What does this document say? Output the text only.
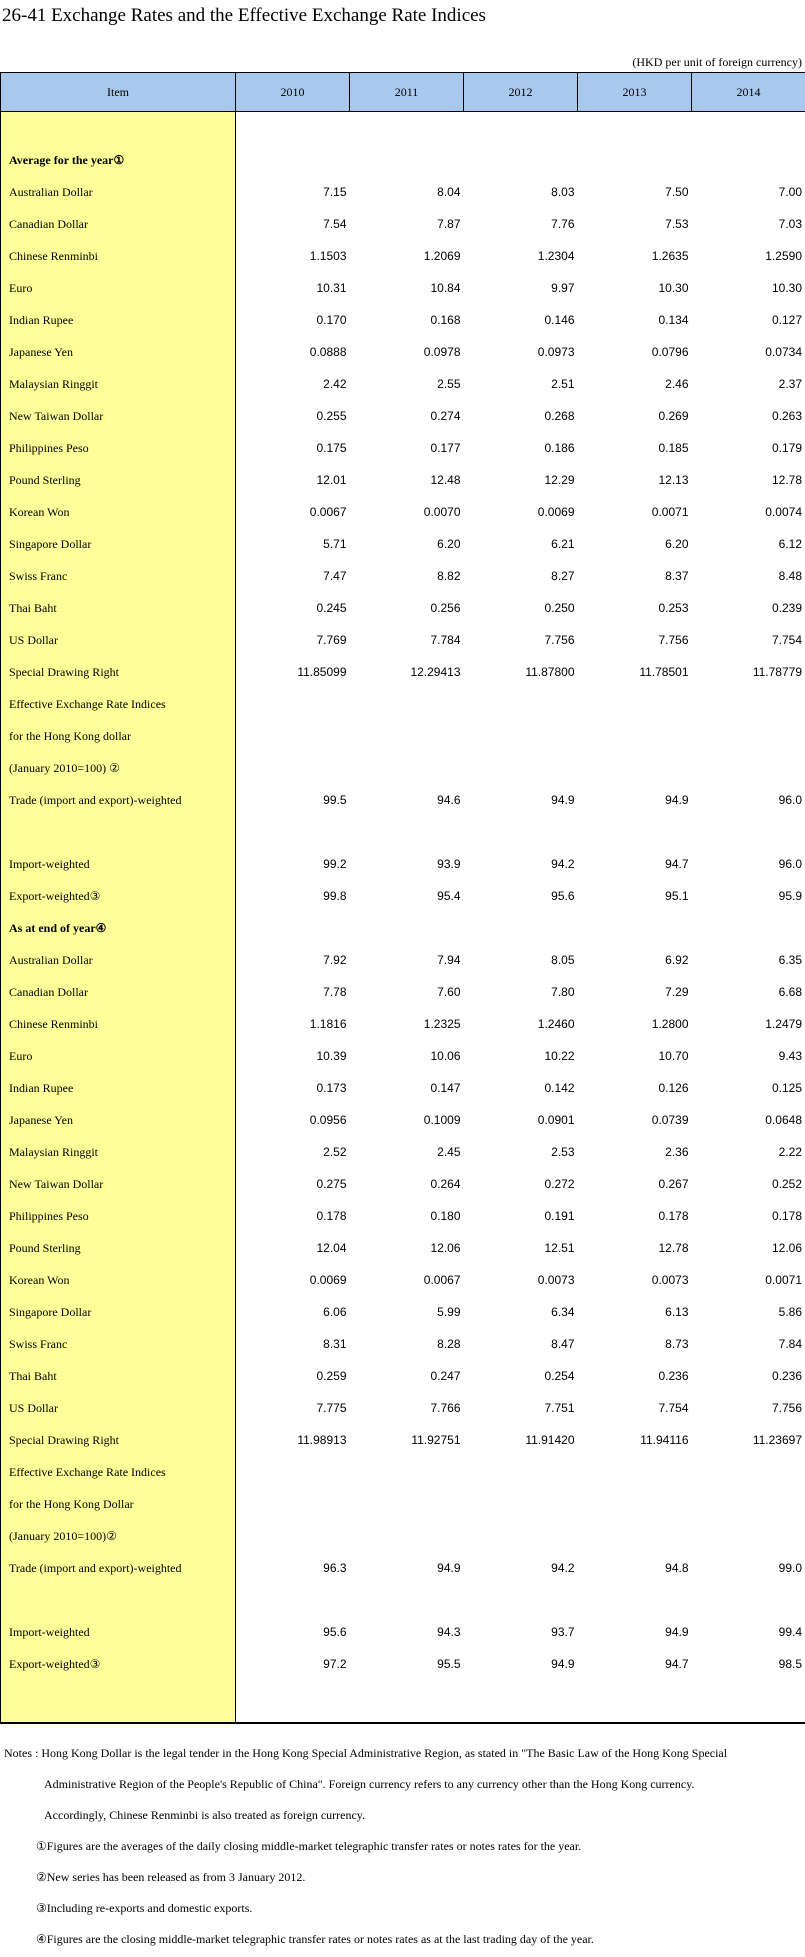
26-41 Exchange Rates and the Effective Exchange Rate Indices
(HKD per unit of foreign currency)
Item	2010	2011	2012	2013	2014

Average for the year①					
Australian Dollar	7.15	8.04	8.03	7.50	7.00
Canadian Dollar	7.54	7.87	7.76	7.53	7.03
Chinese Renminbi	1.1503	1.2069	1.2304	1.2635	1.2590
Euro	10.31	10.84	9.97	10.30	10.30
Indian Rupee	0.170	0.168	0.146	0.134	0.127
Japanese Yen	0.0888	0.0978	0.0973	0.0796	0.0734
Malaysian Ringgit	2.42	2.55	2.51	2.46	2.37
New Taiwan Dollar	0.255	0.274	0.268	0.269	0.263
Philippines Peso	0.175	0.177	0.186	0.185	0.179
Pound Sterling	12.01	12.48	12.29	12.13	12.78
Korean Won	0.0067	0.0070	0.0069	0.0071	0.0074
Singapore Dollar	5.71	6.20	6.21	6.20	6.12
Swiss Franc	7.47	8.82	8.27	8.37	8.48
Thai Baht	0.245	0.256	0.250	0.253	0.239
US Dollar	7.769	7.784	7.756	7.756	7.754
Special Drawing Right	11.85099	12.29413	11.87800	11.78501	11.78779
Effective Exchange Rate Indices					
for the Hong Kong dollar					
(January 2010=100) ②					
Trade (import and export)-weighted	99.5	94.6	94.9	94.9	96.0

Import-weighted	99.2	93.9	94.2	94.7	96.0
Export-weighted③	99.8	95.4	95.6	95.1	95.9
As at end of year④					
Australian Dollar	7.92	7.94	8.05	6.92	6.35
Canadian Dollar	7.78	7.60	7.80	7.29	6.68
Chinese Renminbi	1.1816	1.2325	1.2460	1.2800	1.2479
Euro	10.39	10.06	10.22	10.70	9.43
Indian Rupee	0.173	0.147	0.142	0.126	0.125
Japanese Yen	0.0956	0.1009	0.0901	0.0739	0.0648
Malaysian Ringgit	2.52	2.45	2.53	2.36	2.22
New Taiwan Dollar	0.275	0.264	0.272	0.267	0.252
Philippines Peso	0.178	0.180	0.191	0.178	0.178
Pound Sterling	12.04	12.06	12.51	12.78	12.06
Korean Won	0.0069	0.0067	0.0073	0.0073	0.0071
Singapore Dollar	6.06	5.99	6.34	6.13	5.86
Swiss Franc	8.31	8.28	8.47	8.73	7.84
Thai Baht	0.259	0.247	0.254	0.236	0.236
US Dollar	7.775	7.766	7.751	7.754	7.756
Special Drawing Right	11.98913	11.92751	11.91420	11.94116	11.23697
Effective Exchange Rate Indices					
for the Hong Kong Dollar					
(January 2010=100)②					
Trade (import and export)-weighted	96.3	94.9	94.2	94.8	99.0

Import-weighted	95.6	94.3	93.7	94.9	99.4
Export-weighted③	97.2	95.5	94.9	94.7	98.5

Notes : Hong Kong Dollar is the legal tender in the Hong Kong Special Administrative Region, as stated in "The Basic Law of the Hong Kong Special
Administrative Region of the People's Republic of China". Foreign currency refers to any currency other than the Hong Kong currency.
Accordingly, Chinese Renminbi is also treated as foreign currency.
①Figures are the averages of the daily closing middle-market telegraphic transfer rates or notes rates for the year.
②New series has been released as from 3 January 2012.
③Including re-exports and domestic exports.
④Figures are the closing middle-market telegraphic transfer rates or notes rates as at the last trading day of the year.
